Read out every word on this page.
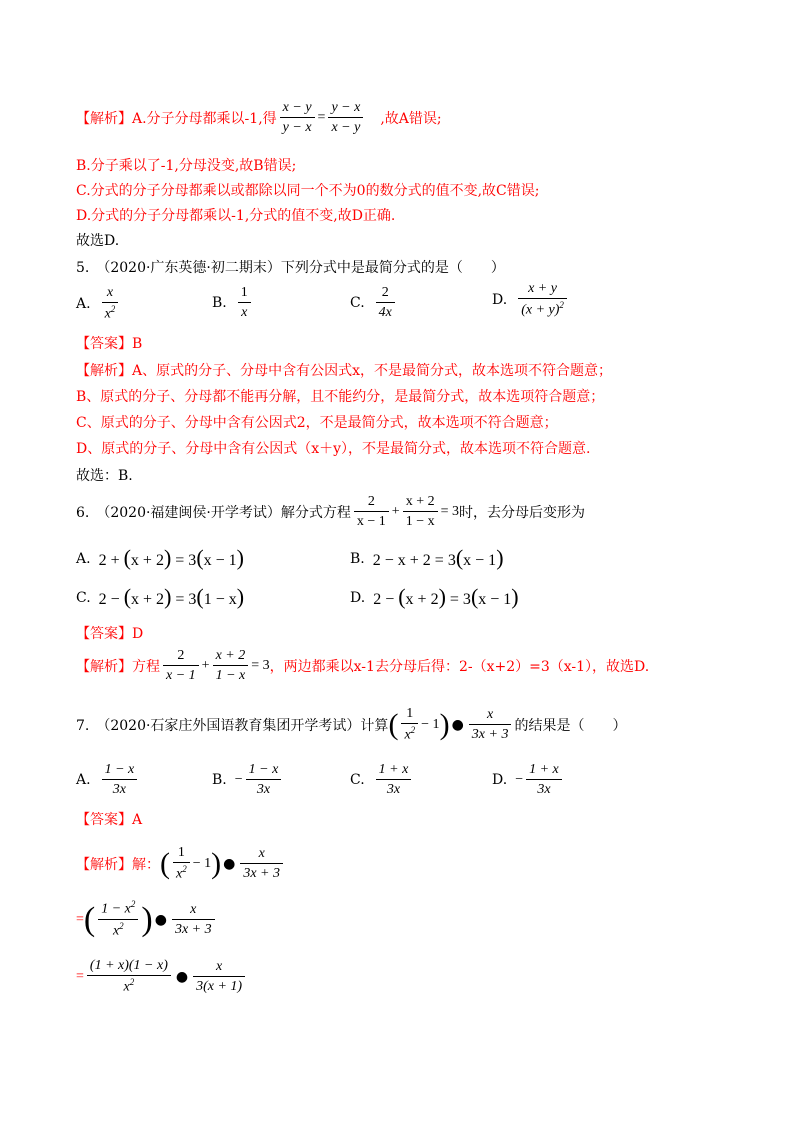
【解析】A.分子分母都乘以-1,得 $\frac{x - y}{y - x} = \frac{y - x}{x - y}$ ,故A错误;
B.分子乘以了-1,分母没变,故B错误;
C.分式的分子分母都乘以或都除以同一个不为0的数分式的值不变,故C错误;
D.分式的分子分母都乘以-1,分式的值不变,故D正确.
故选D.
5.　（2020·广东英德·初二期末）下列分式中是最简分式的是（　　）
A. $\frac{x}{x^2}$	B. $\frac{1}{x}$	C. $\frac{2}{4x}$	D. $\frac{x + y}{(x + y)^2}$
【答案】B
【解析】A、原式的分子、分母中含有公因式x，不是最简分式，故本选项不符合题意；
B、原式的分子、分母都不能再分解，且不能约分，是最简分式，故本选项符合题意；
C、原式的分子、分母中含有公因式2，不是最简分式，故本选项不符合题意；
D、原式的分子、分母中含有公因式（x＋y），不是最简分式，故本选项不符合题意.
故选：B.
6.　（2020·福建闽侯·开学考试）解分式方程 $\frac{2}{x - 1} + \frac{x + 2}{1 - x} = 3$ 时，去分母后变形为
A. 2 + (x + 2) = 3(x − 1)	B. 2 − x + 2 = 3(x − 1)
C. 2 − (x + 2) = 3(1 − x)	D. 2 − (x + 2) = 3(x − 1)
【答案】D
【解析】方程 $\frac{2}{x - 1} + \frac{x + 2}{1 - x} = 3$ ，两边都乘以x-1去分母后得：2-（x+2）=3（x-1），故选D.
7.　（2020·石家庄外国语教育集团开学考试）计算 ( $\frac{1}{x^2} - 1$ ) ● $\frac{x}{3x + 3}$ 的结果是（　　）
A. $\frac{1 - x}{3x}$	B. − $\frac{1 - x}{3x}$	C. $\frac{1 + x}{3x}$	D. − $\frac{1 + x}{3x}$
【答案】A
【解析】解： ( $\frac{1}{x^2} - 1$ ) ● $\frac{x}{3x + 3}$
= ( $\frac{1 - x^2}{x^2}$ ) ● $\frac{x}{3x + 3}$
= $\frac{(1 + x)(1 - x)}{x^2}$ ● $\frac{x}{3(x + 1)}$
